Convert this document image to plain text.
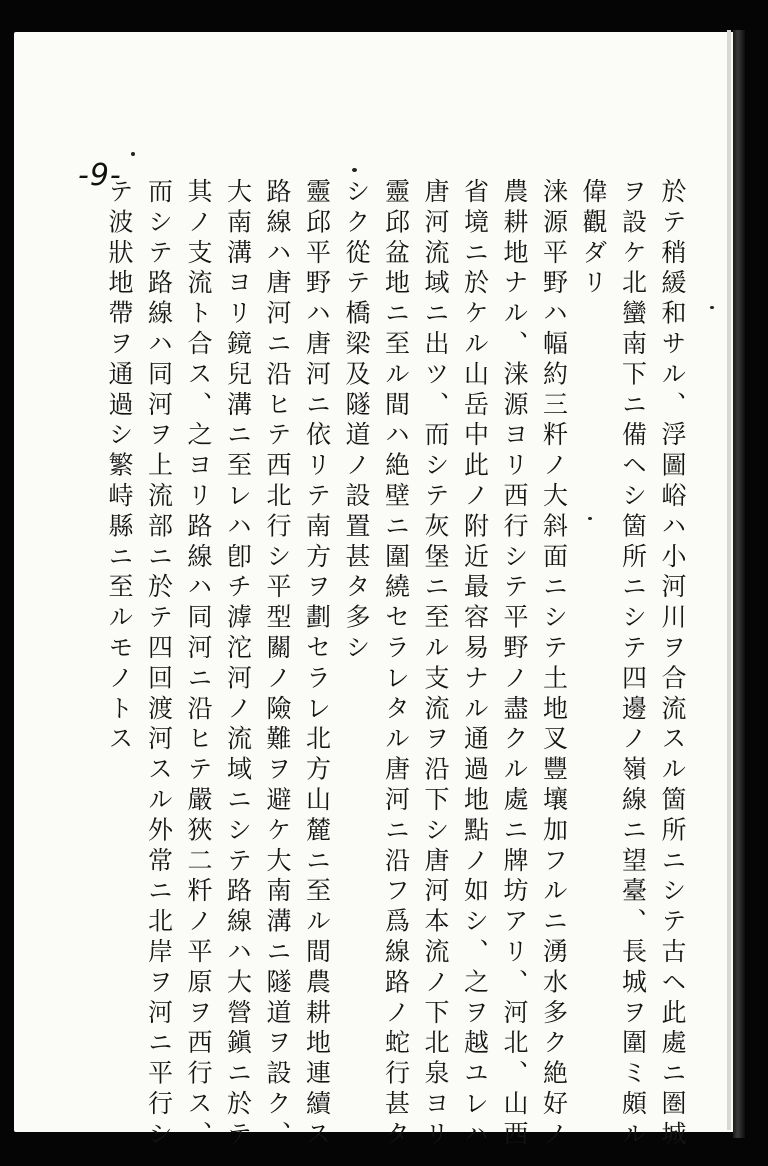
-9-
於テ稍緩和サル、浮圖峪ハ小河川ヲ合流スル箇所ニシテ古ヘ此處ニ圏城
ヲ設ケ北蠻南下ニ備ヘシ箇所ニシテ四邊ノ嶺線ニ望臺、長城ヲ圍ミ頗ル
偉觀ダリ
涞源平野ハ幅約三粁ノ大斜面ニシテ土地叉豐壤加フルニ湧水多ク絶好ノ
農耕地ナル、涞源ヨリ西行シテ平野ノ盡クル處ニ牌坊アリ、河北、山西
省境ニ於ケル山岳中此ノ附近最容易ナル通過地點ノ如シ、之ヲ越ユレハ
唐河流域ニ出ツ、而シテ灰堡ニ至ル支流ヲ沿下シ唐河本流ノ下北泉ヨリ
靈邱盆地ニ至ル間ハ絶壁ニ圍繞セラレタル唐河ニ沿フ爲線路ノ蛇行甚タ
シク從テ橋梁及隧道ノ設置甚タ多シ
靈邱平野ハ唐河ニ依リテ南方ヲ劃セラレ北方山麓ニ至ル間農耕地連續ス
路線ハ唐河ニ沿ヒテ西北行シ平型關ノ險難ヲ避ケ大南溝ニ隧道ヲ設ク、
大南溝ヨリ鏡兒溝ニ至レハ卽チ滹沱河ノ流域ニシテ路線ハ大營鎭ニ於テ
其ノ支流ト合ス、之ヨリ路線ハ同河ニ沿ヒテ嚴狹二粁ノ平原ヲ西行ス、
而シテ路線ハ同河ヲ上流部ニ於テ四回渡河スル外常ニ北岸ヲ河ニ平行シ
テ波狀地帶ヲ通過シ繁峙縣ニ至ルモノトス
